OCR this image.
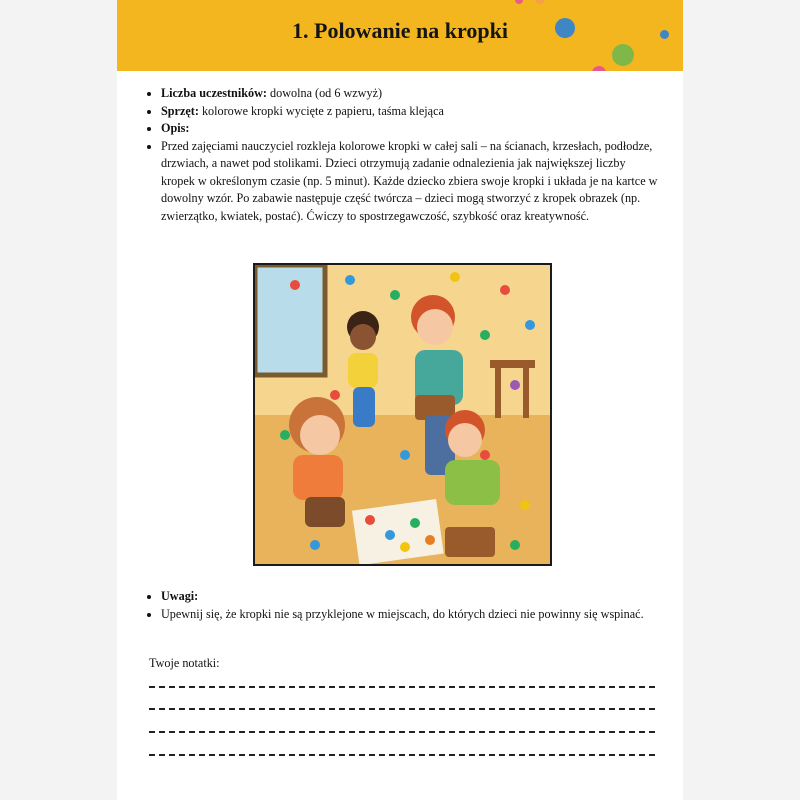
1. Polowanie na kropki
• Liczba uczestników: dowolna (od 6 wzwyż)
• Sprzęt: kolorowe kropki wycięte z papieru, taśma klejąca
• Opis:
• Przed zajęciami nauczyciel rozkleja kolorowe kropki w całej sali – na ścianach, krzesłach, podłodze, drzwiach, a nawet pod stolikami. Dzieci otrzymują zadanie odnalezienia jak największej liczby kropek w określonym czasie (np. 5 minut). Każde dziecko zbiera swoje kropki i układa je na kartce w dowolny wzór. Po zabawie następuje część twórcza – dzieci mogą stworzyć z kropek obrazek (np. zwierzątko, kwiatek, postać). Ćwiczy to spostrzegawczość, szybkość oraz kreatywność.
• Uwagi:
• Upewnij się, że kropki nie są przyklejone w miejscach, do których dzieci nie powinny się wspinać.
Twoje notatki:
